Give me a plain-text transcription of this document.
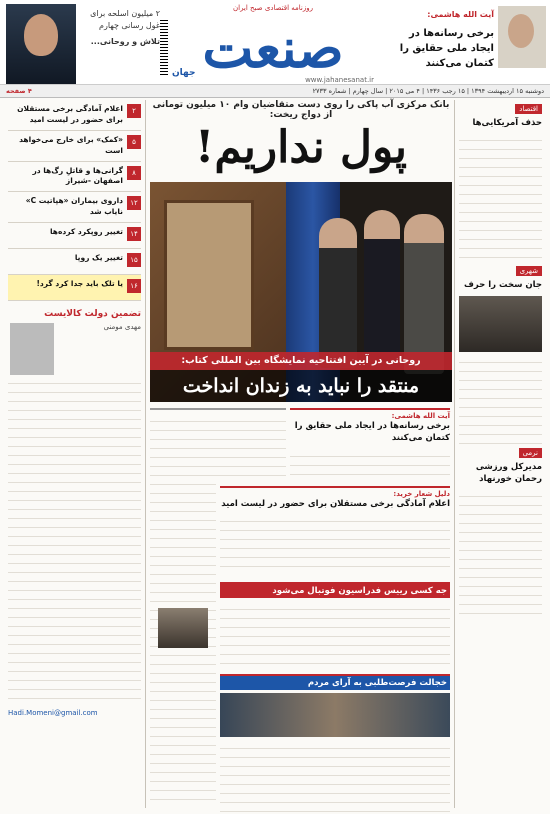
۲ میلیون اسلحه برای غول رسانی چهارم
تلاش و روحانی...
روزنامه اقتصادی صبح ایران
صنعت
جهان
www.jahanesanat.ir
آیت الله هاشمی:
برخی رسانه‌ها در ایجاد ملی حقایق را کتمان می‌کنند
دوشنبه ۱۵ اردیبهشت ۱۳۹۴ | ۱۵ رجب ۱۴۳۶ | ۴ می ۲۰۱۵ | سال چهارم | شماره ۲۷۳۳
۴ صفحه
بانک مرکزی آب پاکی را روی دست متقاضیان وام ۱۰ میلیون تومانی از دواج ریخت:
پول نداریم!
روحانی در آیین افتتاحیه نمایشگاه بین المللی کتاب:
منتقد را نباید به زندان انداخت
اقتصاد
حذف آمریکایی‌ها
شهری
جان سخت را حرف
نرمی
مدیرکل ورزشی رحمان خورنهاد
۲
اعلام آمادگی برخی مستقلان برای حضور در لیست امید
۵
«کمک» برای خارج می‌خواهد است
۸
گرانی‌ها و قاتلِ رگ‌ها در اصفهان -شیراز
۱۲
داروی بیماران «هپاتیت C» نایاب شد
۱۴
تغییر روپکرد کرده‌ها
۱۵
تغییر یک روپا
۱۶
یا تلک باید جدا کرد گرد!
تضمین دولت کالایست
مهدی مومنی
Hadi.Momeni@gmail.com
آیت الله هاشمی:
برخی رسانه‌ها در ایجاد ملی حقایق را کتمان می‌کنند
دلیل شعار خرید:
اعلام آمادگی برخی مستقلان برای حضور در لیست امید
جه کسی رییس فدراسیون فوتبال می‌شود
خجالت فرصت‌طلبی به آرای مردم
